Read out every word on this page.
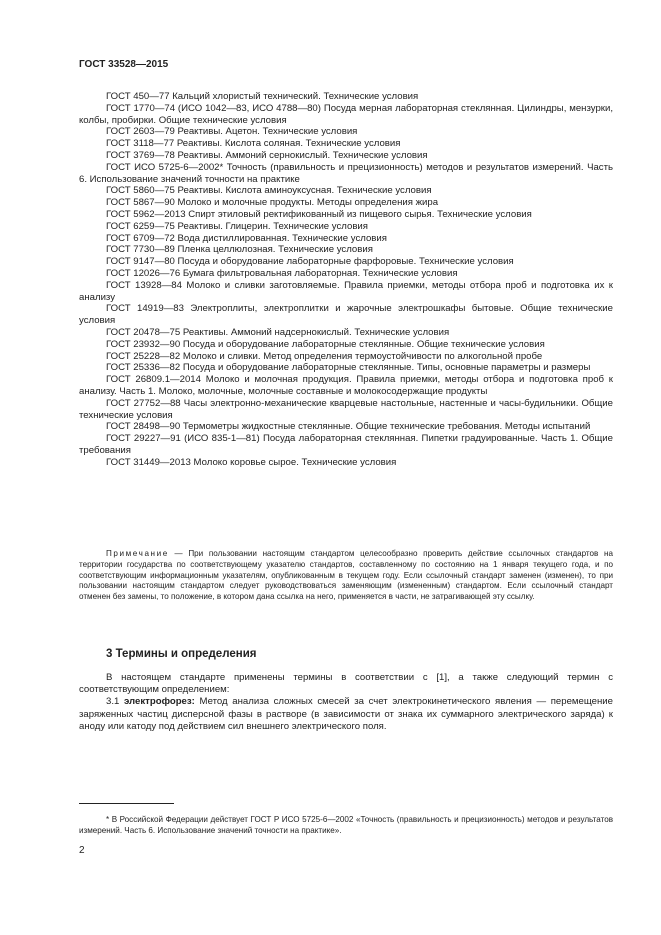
ГОСТ 33528—2015

ГОСТ 450—77 Кальций хлористый технический. Технические условия

ГОСТ 1770—74 (ИСО 1042—83, ИСО 4788—80) Посуда мерная лабораторная стеклянная. Цилиндры, мензурки, колбы, пробирки. Общие технические условия

ГОСТ 2603—79 Реактивы. Ацетон. Технические условия

ГОСТ 3118—77 Реактивы. Кислота соляная. Технические условия

ГОСТ 3769—78 Реактивы. Аммоний сернокислый. Технические условия

ГОСТ ИСО 5725-6—2002* Точность (правильность и прецизионность) методов и результатов измерений. Часть 6. Использование значений точности на практике

ГОСТ 5860—75 Реактивы. Кислота аминоуксусная. Технические условия

ГОСТ 5867—90 Молоко и молочные продукты. Методы определения жира

ГОСТ 5962—2013 Спирт этиловый ректификованный из пищевого сырья. Технические условия

ГОСТ 6259—75 Реактивы. Глицерин. Технические условия

ГОСТ 6709—72 Вода дистиллированная. Технические условия

ГОСТ 7730—89 Пленка целлюлозная. Технические условия

ГОСТ 9147—80 Посуда и оборудование лабораторные фарфоровые. Технические условия

ГОСТ 12026—76 Бумага фильтровальная лабораторная. Технические условия

ГОСТ 13928—84 Молоко и сливки заготовляемые. Правила приемки, методы отбора проб и подготовка их к анализу

ГОСТ 14919—83 Электроплиты, электроплитки и жарочные электрошкафы бытовые. Общие технические условия

ГОСТ 20478—75 Реактивы. Аммоний надсернокислый. Технические условия

ГОСТ 23932—90 Посуда и оборудование лабораторные стеклянные. Общие технические условия

ГОСТ 25228—82 Молоко и сливки. Метод определения термоустойчивости по алкогольной пробе

ГОСТ 25336—82 Посуда и оборудование лабораторные стеклянные. Типы, основные параметры и размеры

ГОСТ 26809.1—2014 Молоко и молочная продукция. Правила приемки, методы отбора и подготовка проб к анализу. Часть 1. Молоко, молочные, молочные составные и молокосодержащие продукты

ГОСТ 27752—88 Часы электронно-механические кварцевые настольные, настенные и часы-будильники. Общие технические условия

ГОСТ 28498—90 Термометры жидкостные стеклянные. Общие технические требования. Методы испытаний

ГОСТ 29227—91 (ИСО 835-1—81) Посуда лабораторная стеклянная. Пипетки градуированные. Часть 1. Общие требования

ГОСТ 31449—2013 Молоко коровье сырое. Технические условия

Примечание — При пользовании настоящим стандартом целесообразно проверить действие ссылочных стандартов на территории государства по соответствующему указателю стандартов, составленному по состоянию на 1 января текущего года, и по соответствующим информационным указателям, опубликованным в текущем году. Если ссылочный стандарт заменен (изменен), то при пользовании настоящим стандартом следует руководствоваться заменяющим (измененным) стандартом. Если ссылочный стандарт отменен без замены, то положение, в котором дана ссылка на него, применяется в части, не затрагивающей эту ссылку.

3 Термины и определения

В настоящем стандарте применены термины в соответствии с [1], а также следующий термин с соответствующим определением:

3.1 электрофорез: Метод анализа сложных смесей за счет электрокинетического явления — перемещение заряженных частиц дисперсной фазы в растворе (в зависимости от знака их суммарного электрического заряда) к аноду или катоду под действием сил внешнего электрического поля.

* В Российской Федерации действует ГОСТ Р ИСО 5725-6—2002 «Точность (правильность и прецизионность) методов и результатов измерений. Часть 6. Использование значений точности на практике».

2
